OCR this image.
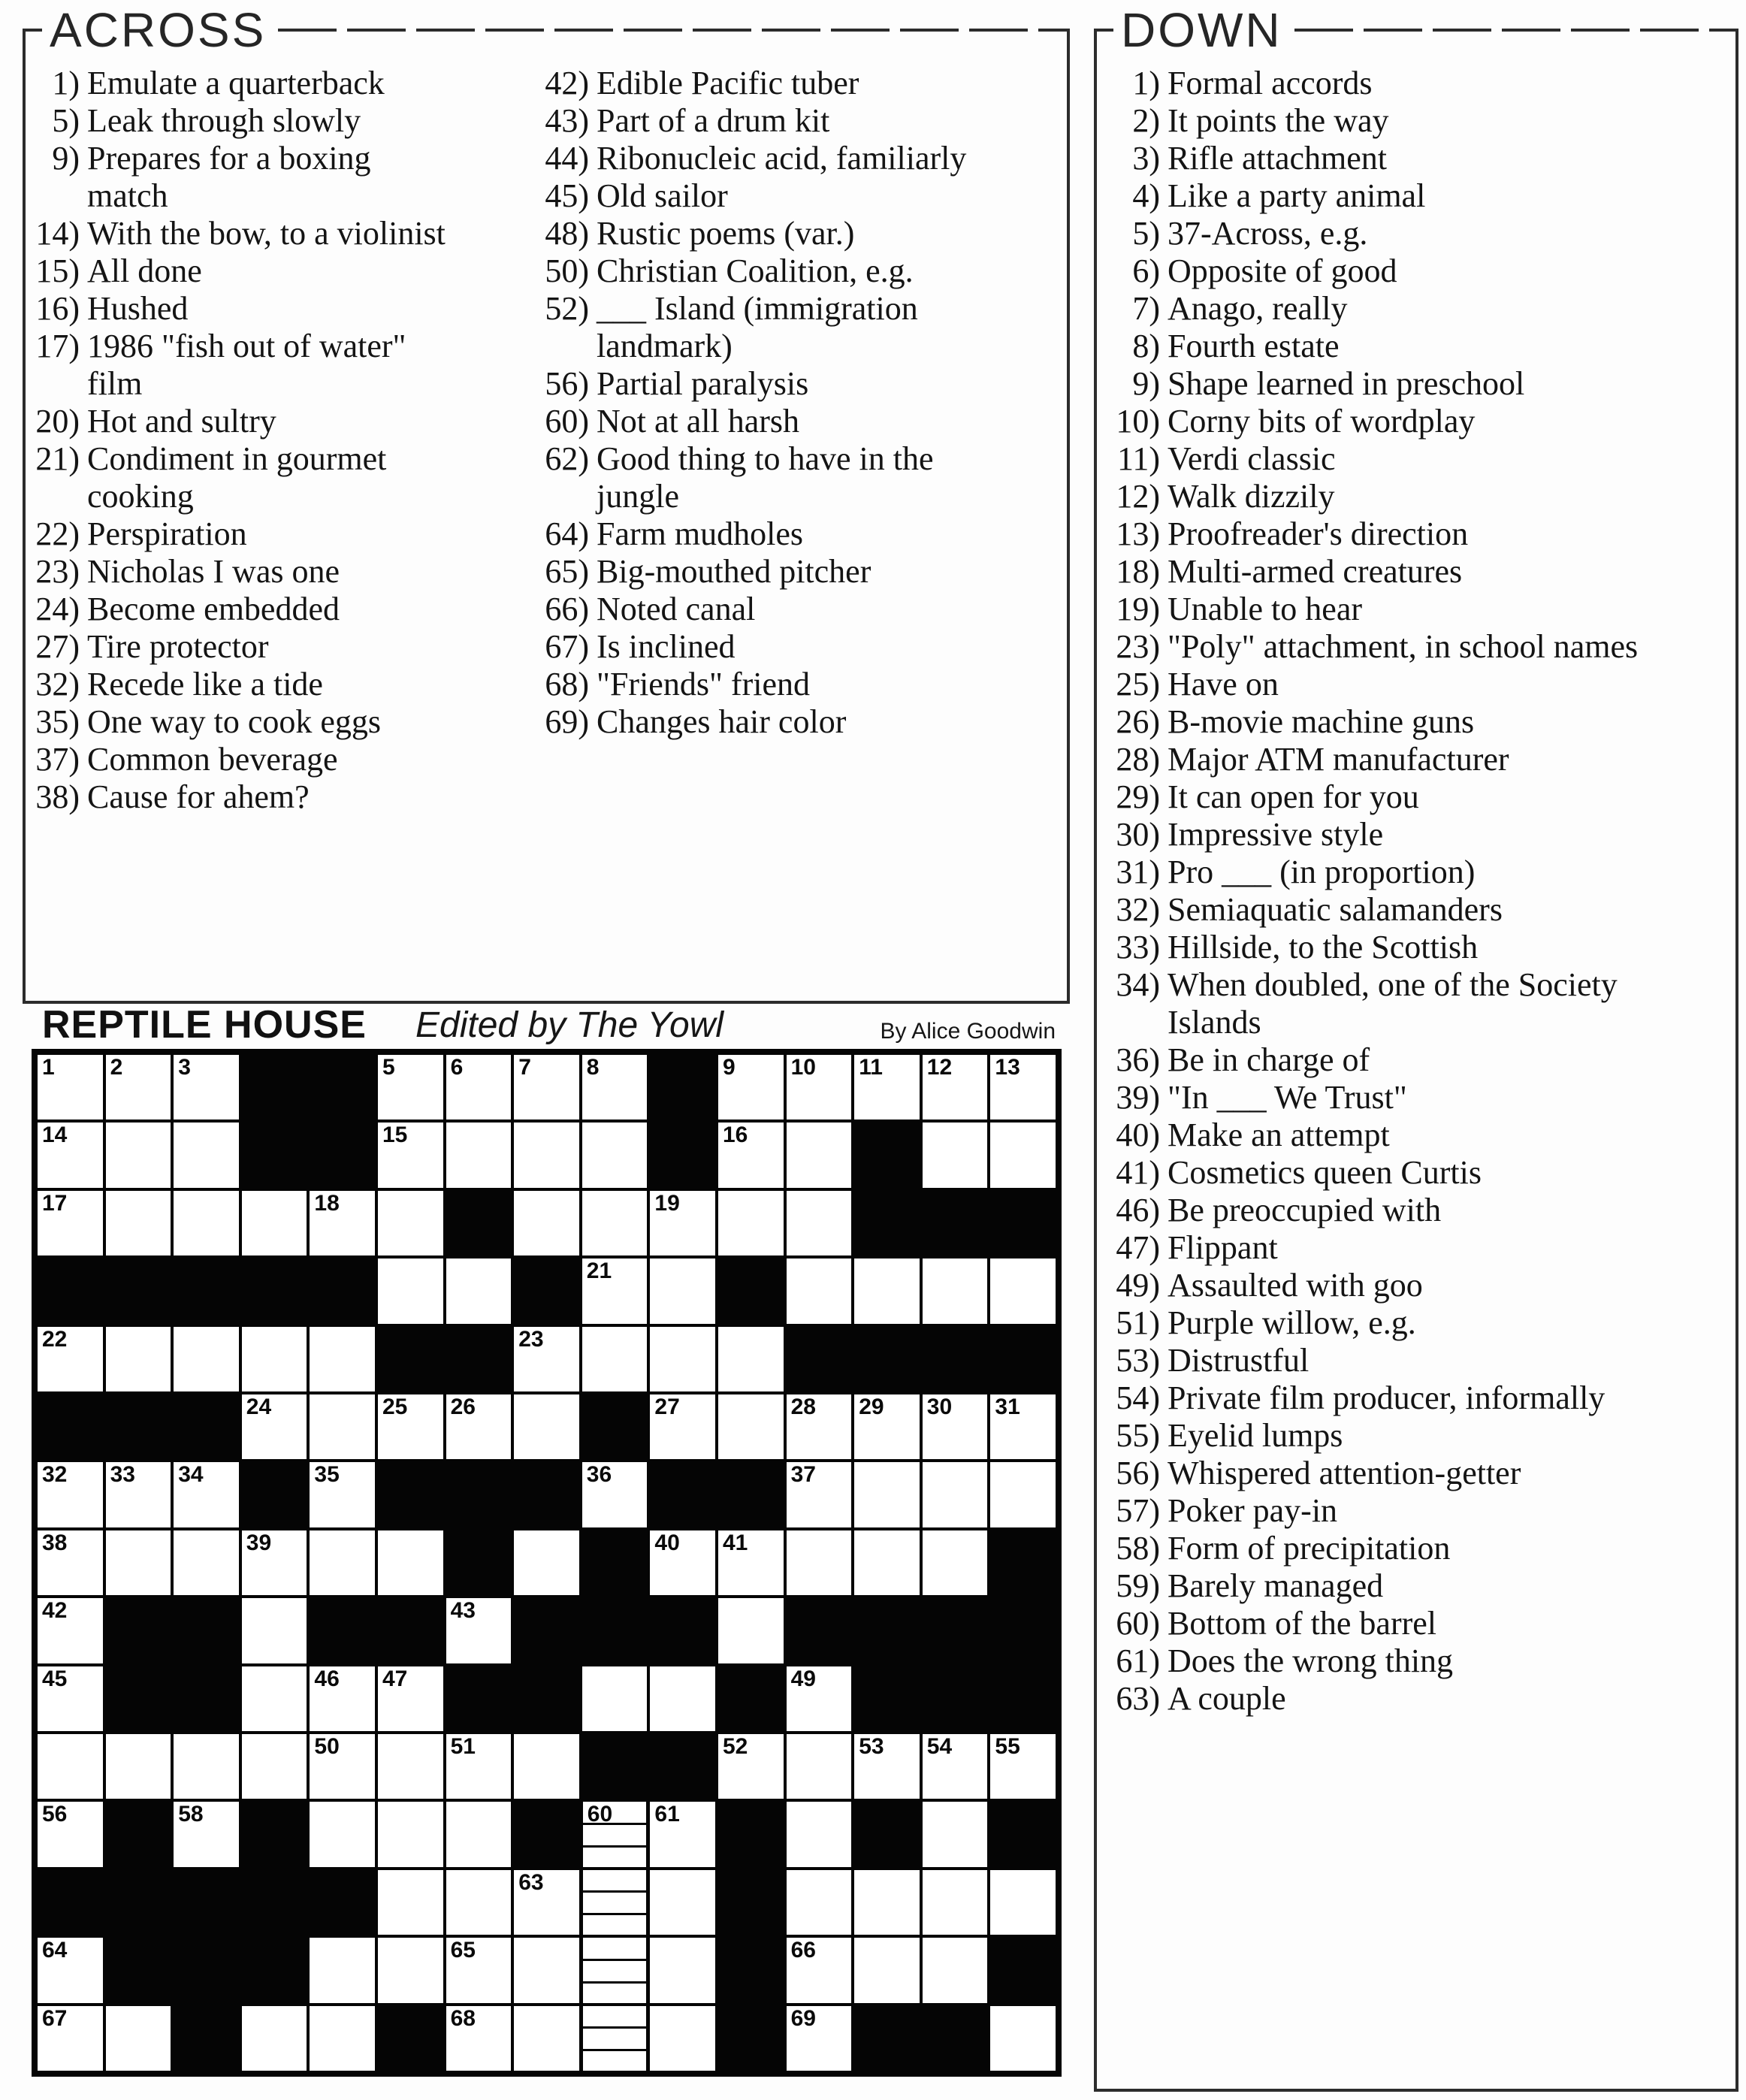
ACROSS
1) Emulate a quarterback
5) Leak through slowly
9) Prepares for a boxing
match
14) With the bow, to a violinist
15) All done
16) Hushed
17) 1986 "fish out of water"
film
20) Hot and sultry
21) Condiment in gourmet
cooking
22) Perspiration
23) Nicholas I was one
24) Become embedded
27) Tire protector
32) Recede like a tide
35) One way to cook eggs
37) Common beverage
38) Cause for ahem?
42) Edible Pacific tuber
43) Part of a drum kit
44) Ribonucleic acid, familiarly
45) Old sailor
48) Rustic poems (var.)
50) Christian Coalition, e.g.
52) ___ Island (immigration
landmark)
56) Partial paralysis
60) Not at all harsh
62) Good thing to have in the
jungle
64) Farm mudholes
65) Big-mouthed pitcher
66) Noted canal
67) Is inclined
68) "Friends" friend
69) Changes hair color
DOWN
1) Formal accords
2) It points the way
3) Rifle attachment
4) Like a party animal
5) 37-Across, e.g.
6) Opposite of good
7) Anago, really
8) Fourth estate
9) Shape learned in preschool
10) Corny bits of wordplay
11) Verdi classic
12) Walk dizzily
13) Proofreader's direction
18) Multi-armed creatures
19) Unable to hear
23) "Poly" attachment, in school names
25) Have on
26) B-movie machine guns
28) Major ATM manufacturer
29) It can open for you
30) Impressive style
31) Pro ___ (in proportion)
32) Semiaquatic salamanders
33) Hillside, to the Scottish
34) When doubled, one of the Society
Islands
36) Be in charge of
39) "In ___ We Trust"
40) Make an attempt
41) Cosmetics queen Curtis
46) Be preoccupied with
47) Flippant
49) Assaulted with goo
51) Purple willow, e.g.
53) Distrustful
54) Private film producer, informally
55) Eyelid lumps
56) Whispered attention-getter
57) Poker pay-in
58) Form of precipitation
59) Barely managed
60) Bottom of the barrel
61) Does the wrong thing
63) A couple
REPTILE HOUSE Edited by The Yowl	By Alice Goodwin
1 2 3	5 6 7 8	9 10 11 12 13
14	15	16
17	18	19
21
22	23
24	25 26	27	28 29 30 31
32 33 34	35	36	37
38	39	40 41
42	43
45	46 47	49
50	51	52	53 54 55
56	58	60 61
63
64	65	66
67	68	69
